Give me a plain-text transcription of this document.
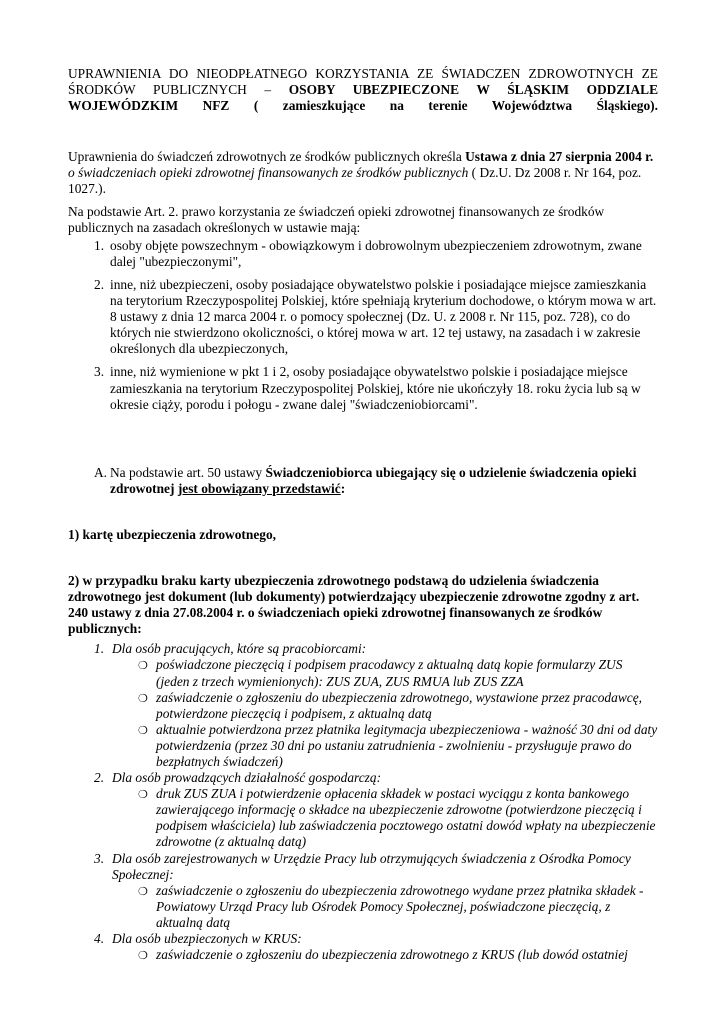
UPRAWNIENIA DO NIEODPŁATNEGO KORZYSTANIA ZE ŚWIADCZEN ZDROWOTNYCH ZE

ŚRODKÓW PUBLICZNYCH – OSOBY UBEZPIECZONE W ŚLĄSKIM ODDZIALE

WOJEWÓDZKIM NFZ ( zamieszkujące na terenie Województwa Śląskiego).

Uprawnienia do świadczeń zdrowotnych ze środków publicznych określa Ustawa z dnia 27 sierpnia 2004 r. o świadczeniach opieki zdrowotnej finansowanych ze środków publicznych ( Dz.U. Dz 2008 r. Nr 164, poz. 1027.).

Na podstawie Art. 2. prawo korzystania ze świadczeń opieki zdrowotnej finansowanych ze środków publicznych na zasadach określonych w ustawie mają:

1. osoby objęte powszechnym - obowiązkowym i dobrowolnym ubezpieczeniem zdrowotnym, zwane dalej "ubezpieczonymi",
2. inne, niż ubezpieczeni, osoby posiadające obywatelstwo polskie i posiadające miejsce zamieszkania na terytorium Rzeczypospolitej Polskiej, które spełniają kryterium dochodowe, o którym mowa w art. 8 ustawy z dnia 12 marca 2004 r. o pomocy społecznej (Dz. U. z 2008 r. Nr 115, poz. 728), co do których nie stwierdzono okoliczności, o której mowa w art. 12 tej ustawy, na zasadach i w zakresie określonych dla ubezpieczonych,
3. inne, niż wymienione w pkt 1 i 2, osoby posiadające obywatelstwo polskie i posiadające miejsce zamieszkania na terytorium Rzeczypospolitej Polskiej, które nie ukończyły 18. roku życia lub są w okresie ciąży, porodu i połogu - zwane dalej "świadczeniobiorcami".
A. Na podstawie art. 50 ustawy Świadczeniobiorca ubiegający się o udzielenie świadczenia opieki zdrowotnej jest obowiązany przedstawić:

1) kartę ubezpieczenia zdrowotnego,

2) w przypadku braku karty ubezpieczenia zdrowotnego podstawą do udzielenia świadczenia zdrowotnego jest dokument (lub dokumenty) potwierdzający ubezpieczenie zdrowotne zgodny z art. 240 ustawy z dnia 27.08.2004 r. o świadczeniach opieki zdrowotnej finansowanych ze środków publicznych:

1. Dla osób pracujących, które są pracobiorcami:
❍ poświadczone pieczęcią i podpisem pracodawcy z aktualną datą kopie formularzy ZUS (jeden z trzech wymienionych): ZUS ZUA, ZUS RMUA lub ZUS ZZA
❍ zaświadczenie o zgłoszeniu do ubezpieczenia zdrowotnego, wystawione przez pracodawcę, potwierdzone pieczęcią i podpisem, z aktualną datą
❍ aktualnie potwierdzona przez płatnika legitymacja ubezpieczeniowa - ważność 30 dni od daty potwierdzenia (przez 30 dni po ustaniu zatrudnienia - zwolnieniu - przysługuje prawo do bezpłatnych świadczeń)
2. Dla osób prowadzących działalność gospodarczą:
❍ druk ZUS ZUA i potwierdzenie opłacenia składek w postaci wyciągu z konta bankowego zawierającego informację o składce na ubezpieczenie zdrowotne (potwierdzone pieczęcią i podpisem właściciela) lub zaświadczenia pocztowego ostatni dowód wpłaty na ubezpieczenie zdrowotne (z aktualną datą)
3. Dla osób zarejestrowanych w Urzędzie Pracy lub otrzymujących świadczenia z Ośrodka Pomocy Społecznej:
❍ zaświadczenie o zgłoszeniu do ubezpieczenia zdrowotnego wydane przez płatnika składek - Powiatowy Urząd Pracy lub Ośrodek Pomocy Społecznej, poświadczone pieczęcią, z aktualną datą
4. Dla osób ubezpieczonych w KRUS:
❍ zaświadczenie o zgłoszeniu do ubezpieczenia zdrowotnego z KRUS (lub dowód ostatniej
